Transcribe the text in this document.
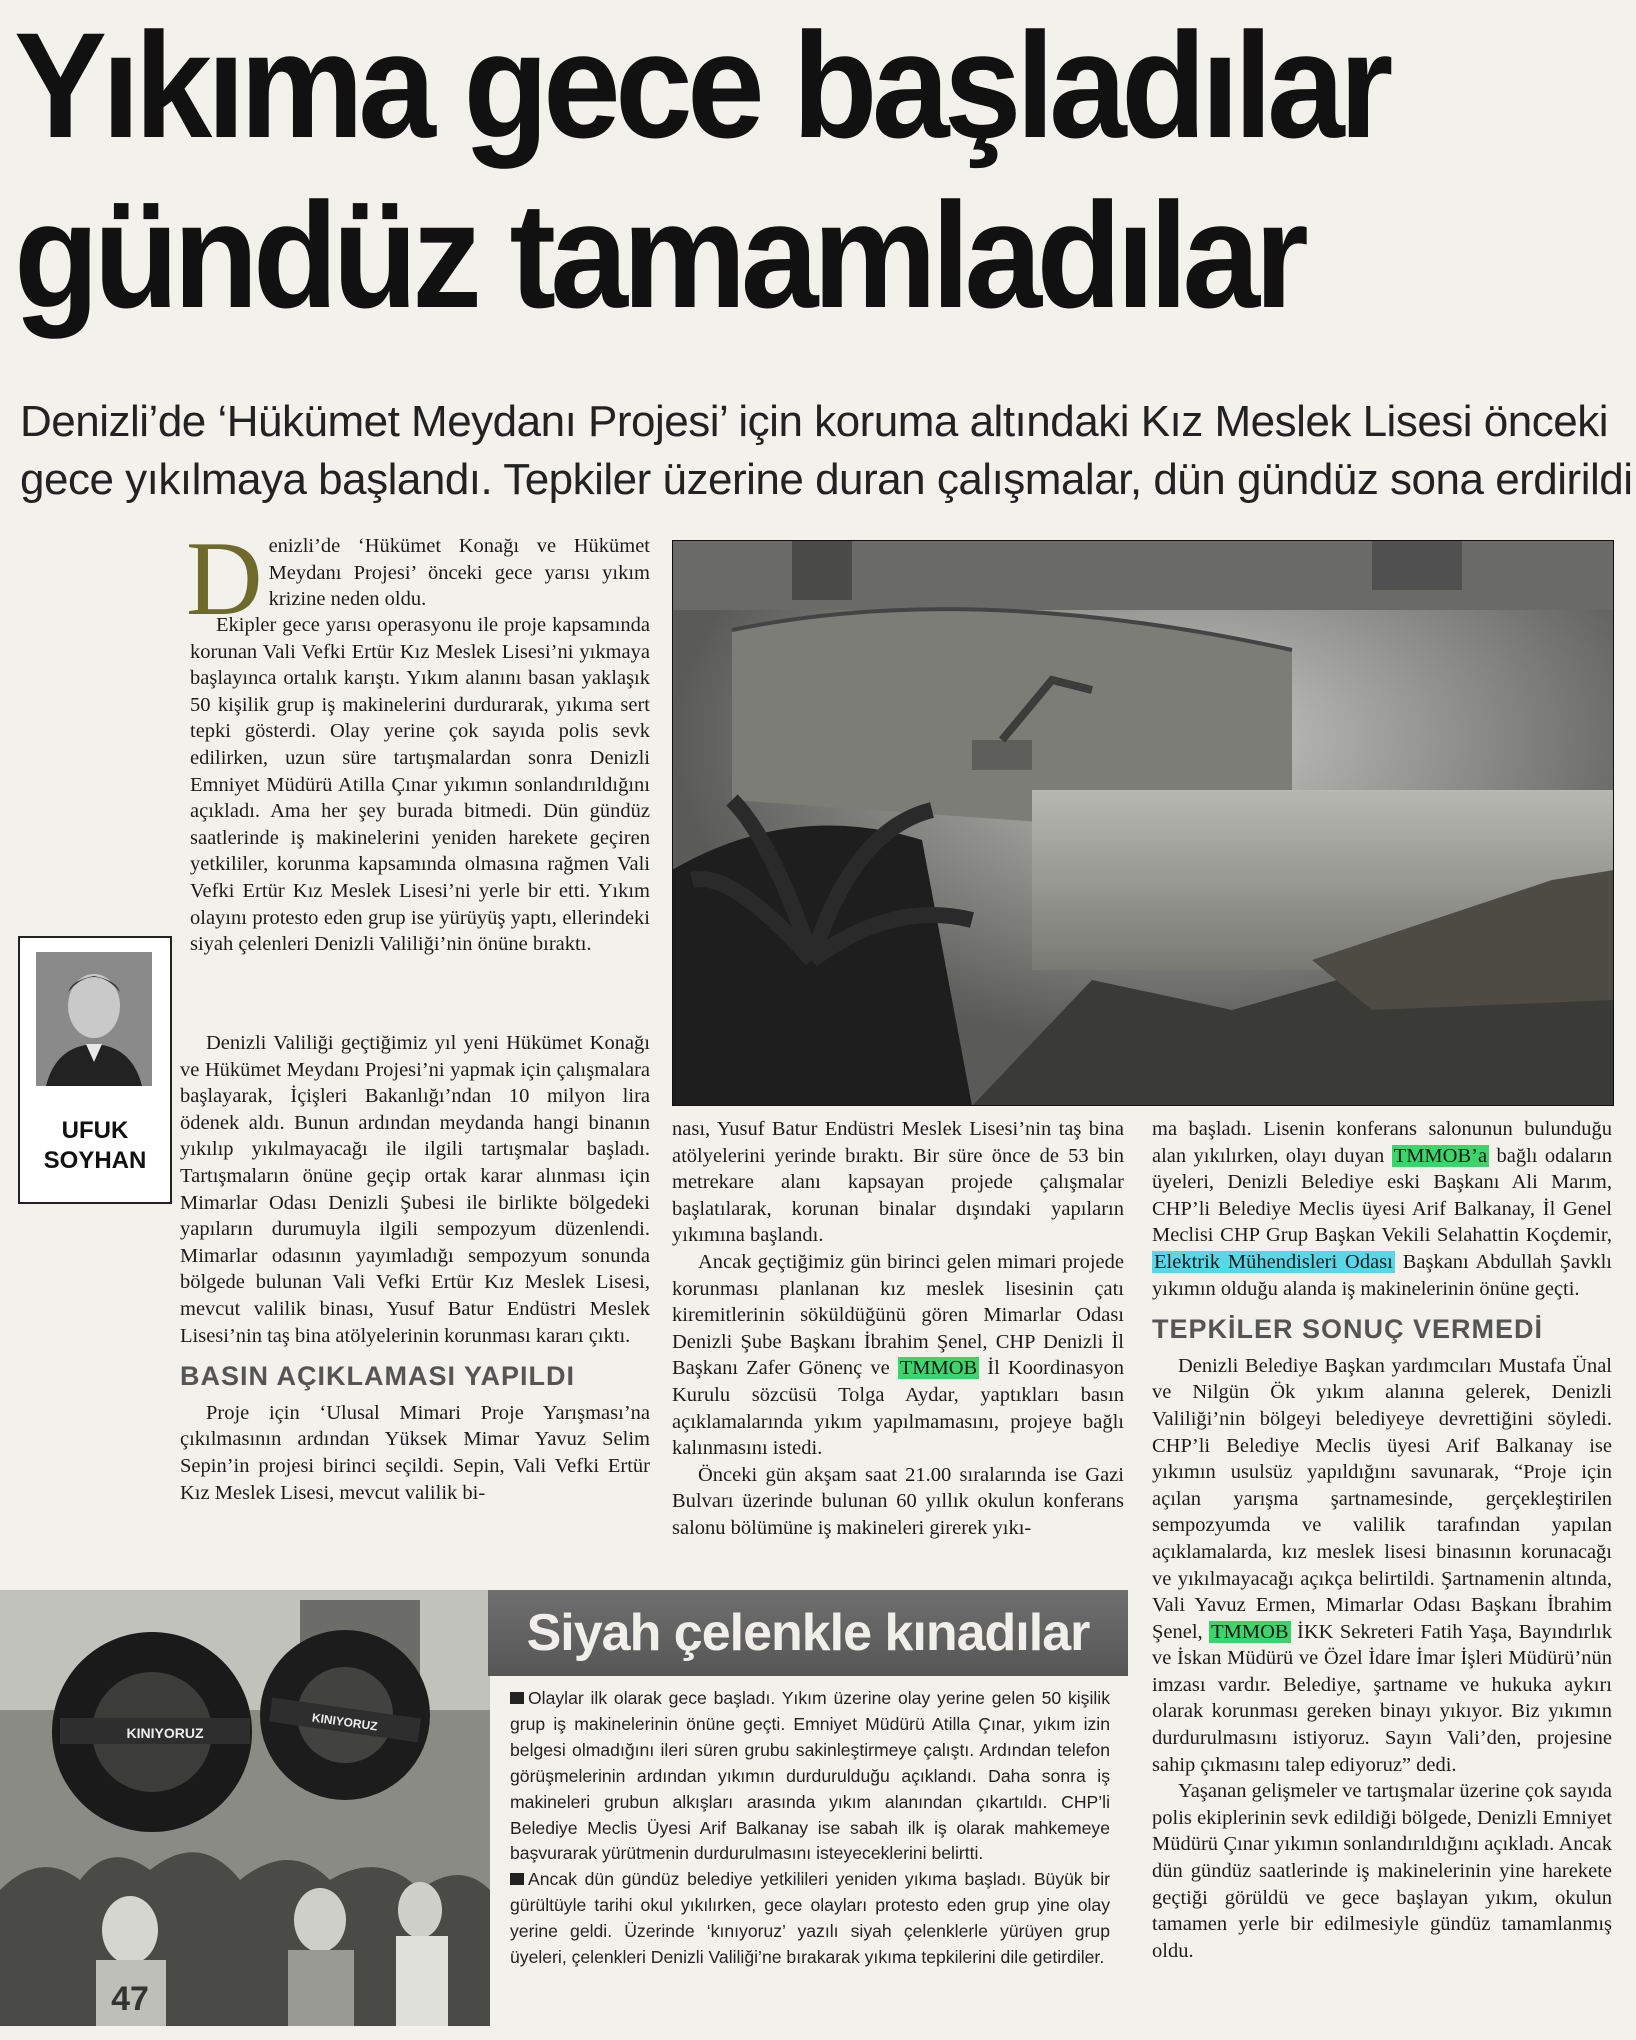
Yıkıma gece başladılar
gündüz tamamladılar
Denizli’de ‘Hükümet Meydanı Projesi’ için koruma altındaki Kız Meslek Lisesi önceki
gece yıkılmaya başlandı. Tepkiler üzerine duran çalışmalar, dün gündüz sona erdirildi

Denizli’de ‘Hükümet Konağı ve Hükümet Meydanı Projesi’ önceki gece yarısı yıkım krizine neden oldu.

Ekipler gece yarısı operasyonu ile proje kapsamında korunan Vali Vefki Ertür Kız Meslek Lisesi’ni yıkmaya başlayınca ortalık karıştı. Yıkım alanını basan yaklaşık 50 kişilik grup iş makinelerini durdurarak, yıkıma sert tepki gösterdi. Olay yerine çok sayıda polis sevk edilirken, uzun süre tartışmalardan sonra Denizli Emniyet Müdürü Atilla Çınar yıkımın sonlandırıldığını açıkladı. Ama her şey burada bitmedi. Dün gündüz saatlerinde iş makinelerini yeniden harekete geçiren yetkililer, korunma kapsamında olmasına rağmen Vali Vefki Ertür Kız Meslek Lisesi’ni yerle bir etti. Yıkım olayını protesto eden grup ise yürüyüş yaptı, ellerindeki siyah çelenleri Denizli Valiliği’nin önüne bıraktı.

Denizli Valiliği geçtiğimiz yıl yeni Hükümet Konağı ve Hükümet Meydanı Projesi’ni yapmak için çalışmalara başlayarak, İçişleri Bakanlığı’ndan 10 milyon lira ödenek aldı. Bunun ardından meydanda hangi binanın yıkılıp yıkılmayacağı ile ilgili tartışmalar başladı. Tartışmaların önüne geçip ortak karar alınması için Mimarlar Odası Denizli Şubesi ile birlikte bölgedeki yapıların durumuyla ilgili sempozyum düzenlendi. Mimarlar odasının yayımladığı sempozyum sonunda bölgede bulunan Vali Vefki Ertür Kız Meslek Lisesi, mevcut valilik binası, Yusuf Batur Endüstri Meslek Lisesi’nin taş bina atölyelerinin korunması kararı çıktı.

BASIN AÇIKLAMASI YAPILDI

Proje için ‘Ulusal Mimari Proje Yarışması’na çıkılmasının ardından Yüksek Mimar Yavuz Selim Sepin’in projesi birinci seçildi. Sepin, Vali Vefki Ertür Kız Meslek Lisesi, mevcut valilik bi-

UFUK
SOYHAN

nası, Yusuf Batur Endüstri Meslek Lisesi’nin taş bina atölyelerini yerinde bıraktı. Bir süre önce de 53 bin metrekare alanı kapsayan projede çalışmalar başlatılarak, korunan binalar dışındaki yapıların yıkımına başlandı.

Ancak geçtiğimiz gün birinci gelen mimari projede korunması planlanan kız meslek lisesinin çatı kiremitlerinin söküldüğünü gören Mimarlar Odası Denizli Şube Başkanı İbrahim Şenel, CHP Denizli İl Başkanı Zafer Gönenç ve TMMOB İl Koordinasyon Kurulu sözcüsü Tolga Aydar, yaptıkları basın açıklamalarında yıkım yapılmamasını, projeye bağlı kalınmasını istedi.

Önceki gün akşam saat 21.00 sıralarında ise Gazi Bulvarı üzerinde bulunan 60 yıllık okulun konferans salonu bölümüne iş makineleri girerek yıkı-

ma başladı. Lisenin konferans salonunun bulunduğu alan yıkılırken, olayı duyan TMMOB’a bağlı odaların üyeleri, Denizli Belediye eski Başkanı Ali Marım, CHP’li Belediye Meclis üyesi Arif Balkanay, İl Genel Meclisi CHP Grup Başkan Vekili Selahattin Koçdemir, Elektrik Mühendisleri Odası Başkanı Abdullah Şavklı yıkımın olduğu alanda iş makinelerinin önüne geçti.

TEPKİLER SONUÇ VERMEDİ

Denizli Belediye Başkan yardımcıları Mustafa Ünal ve Nilgün Ök yıkım alanına gelerek, Denizli Valiliği’nin bölgeyi belediyeye devrettiğini söyledi. CHP’li Belediye Meclis üyesi Arif Balkanay ise yıkımın usulsüz yapıldığını savunarak, “Proje için açılan yarışma şartnamesinde, gerçekleştirilen sempozyumda ve valilik tarafından yapılan açıklamalarda, kız meslek lisesi binasının korunacağı ve yıkılmayacağı açıkça belirtildi. Şartnamenin altında, Vali Yavuz Ermen, Mimarlar Odası Başkanı İbrahim Şenel, TMMOB İKK Sekreteri Fatih Yaşa, Bayındırlık ve İskan Müdürü ve Özel İdare İmar İşleri Müdürü’nün imzası vardır. Belediye, şartname ve hukuka aykırı olarak korunması gereken binayı yıkıyor. Biz yıkımın durdurulmasını istiyoruz. Sayın Vali’den, projesine sahip çıkmasını talep ediyoruz” dedi.

Yaşanan gelişmeler ve tartışmalar üzerine çok sayıda polis ekiplerinin sevk edildiği bölgede, Denizli Emniyet Müdürü Çınar yıkımın sonlandırıldığını açıkladı. Ancak dün gündüz saatlerinde iş makinelerinin yine harekete geçtiği görüldü ve gece başlayan yıkım, okulun tamamen yerle bir edilmesiyle gündüz tamamlanmış oldu.

KINIYORUZ	KINIYORUZ
47
Siyah çelenkle kınadılar

Olaylar ilk olarak gece başladı. Yıkım üzerine olay yerine gelen 50 kişilik grup iş makinelerinin önüne geçti. Emniyet Müdürü Atilla Çınar, yıkım izin belgesi olmadığını ileri süren grubu sakinleştirmeye çalıştı. Ardından telefon görüşmelerinin ardından yıkımın durdurulduğu açıklandı. Daha sonra iş makineleri grubun alkışları arasında yıkım alanından çıkartıldı. CHP’li Belediye Meclis Üyesi Arif Balkanay ise sabah ilk iş olarak mahkemeye başvurarak yürütmenin durdurulmasını isteyeceklerini belirtti.

Ancak dün gündüz belediye yetkilileri yeniden yıkıma başladı. Büyük bir gürültüyle tarihi okul yıkılırken, gece olayları protesto eden grup yine olay yerine geldi. Üzerinde ‘kınıyoruz’ yazılı siyah çelenklerle yürüyen grup üyeleri, çelenkleri Denizli Valiliği’ne bırakarak yıkıma tepkilerini dile getirdiler.
